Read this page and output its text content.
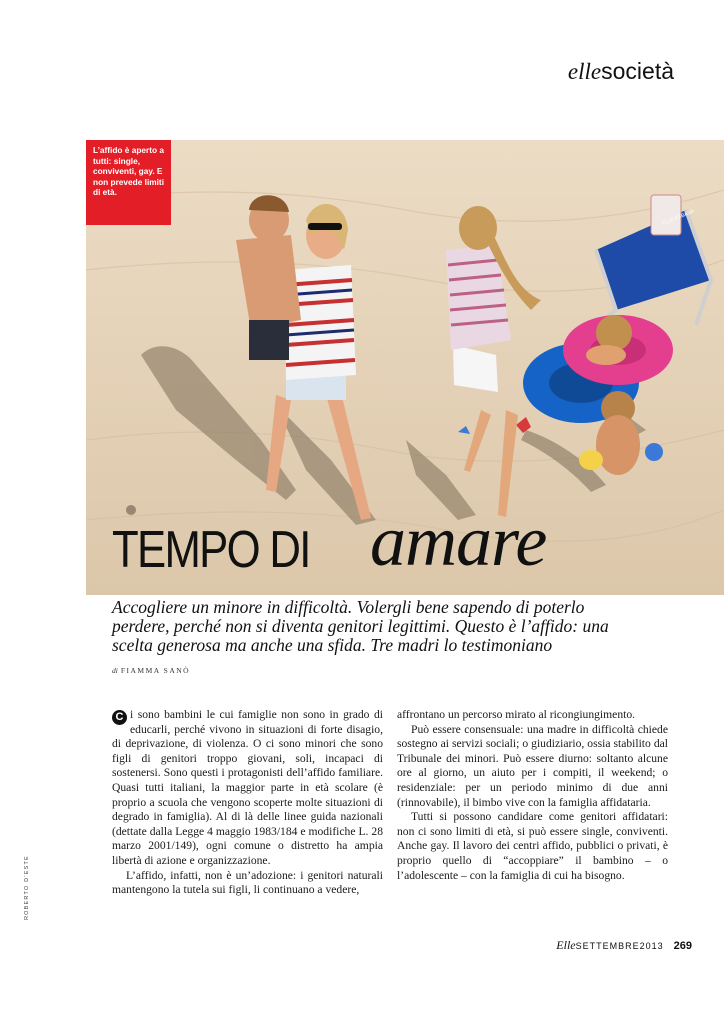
ellesocietà
ELLE KABANA
L’affido è aperto a tutti: single, conviventi, gay. E non prevede limiti di età.
TEMPO DI amare
Accogliere un minore in difficoltà. Volergli bene sapendo di poterlo perdere, perché non si diventa genitori legittimi. Questo è l’affido: una scelta generosa ma anche una sfida. Tre madri lo testimoniano
di FIAMMA SANÒ

C i sono bambini le cui famiglie non sono in grado di educarli, perché vivono in situazioni di forte disagio, di deprivazione, di violenza. O ci sono minori che sono figli di genitori troppo giovani, soli, incapaci di sostenersi. Sono questi i protagonisti dell’affido familiare. Quasi tutti italiani, la maggior parte in età scolare (è proprio a scuola che vengono scoperte molte situazioni di degrado in famiglia). Al di là delle linee guida nazionali (dettate dalla Legge 4 maggio 1983/184 e modifiche L. 28 marzo 2001/149), ogni comune o distretto ha ampia libertà di azione e organizzazione.

L’affido, infatti, non è un’adozione: i genitori naturali mantengono la tutela sui figli, li continuano a vedere,

affrontano un percorso mirato al ricongiungimento.

Può essere consensuale: una madre in difficoltà chiede sostegno ai servizi sociali; o giudiziario, ossia stabilito dal Tribunale dei minori. Può essere diurno: soltanto alcune ore al giorno, un aiuto per i compiti, il weekend; o residenziale: per un periodo minimo di due anni (rinnovabile), il bimbo vive con la famiglia affidataria.

Tutti si possono candidare come genitori affidatari: non ci sono limiti di età, si può essere single, conviventi. Anche gay. Il lavoro dei centri affido, pubblici o privati, è proprio quello di “accoppiare” il bambino – o l’adolescente – con la famiglia di cui ha bisogno.

ROBERTO D’ESTE
ElleSETTEMBRE2013 269
